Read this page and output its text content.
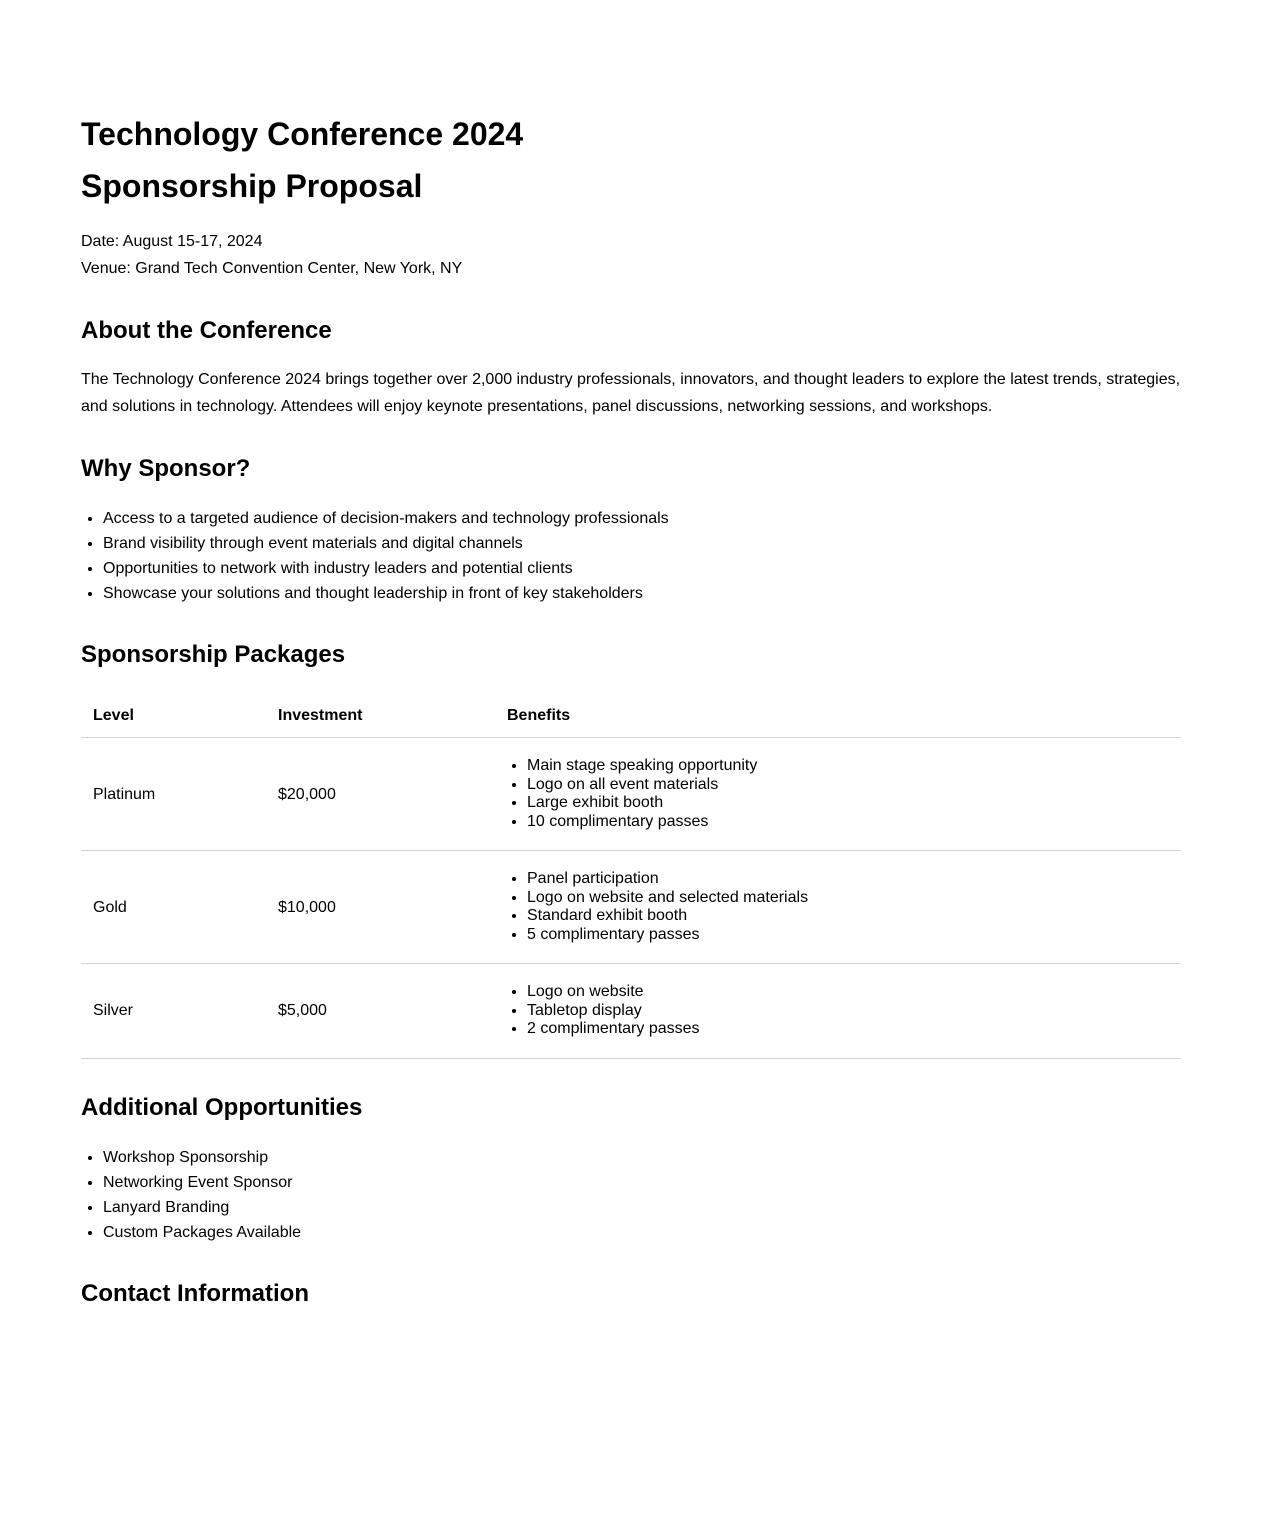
Technology Conference 2024
Sponsorship Proposal
Date: August 15-17, 2024
Venue: Grand Tech Convention Center, New York, NY
About the Conference

The Technology Conference 2024 brings together over 2,000 industry professionals, innovators, and thought leaders to explore the latest trends, strategies, and solutions in technology. Attendees will enjoy keynote presentations, panel discussions, networking sessions, and workshops.

Why Sponsor?
• Access to a targeted audience of decision-makers and technology professionals
• Brand visibility through event materials and digital channels
• Opportunities to network with industry leaders and potential clients
• Showcase your solutions and thought leadership in front of key stakeholders
Sponsorship Packages
Level	Investment	Benefits
Platinum	$20,000	
• Main stage speaking opportunity
• Logo on all event materials
• Large exhibit booth
• 10 complimentary passes

Gold	$10,000	
• Panel participation
• Logo on website and selected materials
• Standard exhibit booth
• 5 complimentary passes

Silver	$5,000	
• Logo on website
• Tabletop display
• 2 complimentary passes
Additional Opportunities
• Workshop Sponsorship
• Networking Event Sponsor
• Lanyard Branding
• Custom Packages Available
Contact Information
